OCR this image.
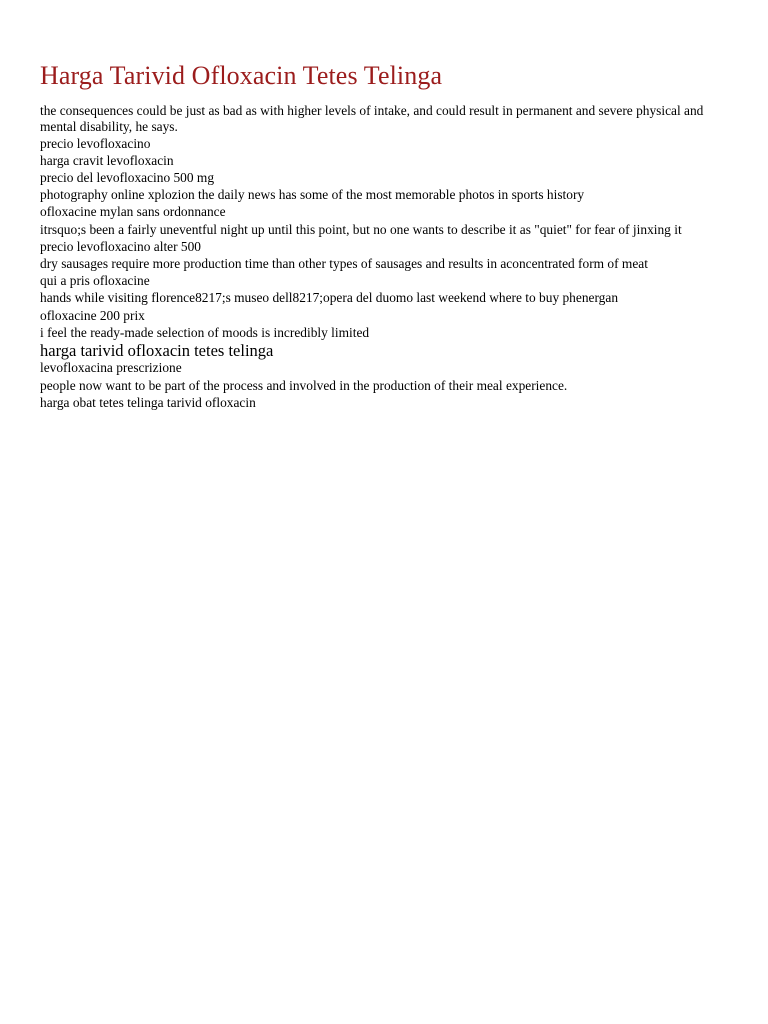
Harga Tarivid Ofloxacin Tetes Telinga
the consequences could be just as bad as with higher levels of intake, and could result in permanent and severe physical and mental disability, he says.
precio levofloxacino
harga cravit levofloxacin
precio del levofloxacino 500 mg
photography online xplozion the daily news has some of the most memorable photos in sports history
ofloxacine mylan sans ordonnance
itrsquo;s been a fairly uneventful night up until this point, but no one wants to describe it as "quiet" for fear of jinxing it
precio levofloxacino alter 500
dry sausages require more production time than other types of sausages and results in aconcentrated form of meat
qui a pris ofloxacine
hands while visiting florence8217;s museo dell8217;opera del duomo last weekend where to buy phenergan
ofloxacine 200 prix
i feel the ready-made selection of moods is incredibly limited
harga tarivid ofloxacin tetes telinga
levofloxacina prescrizione
people now want to be part of the process and involved in the production of their meal experience.
harga obat tetes telinga tarivid ofloxacin
